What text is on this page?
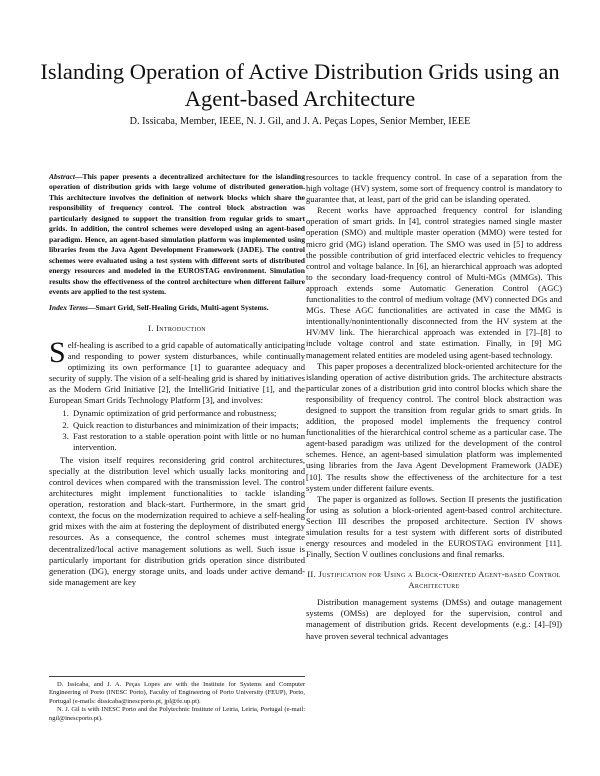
Islanding Operation of Active Distribution Grids using an Agent-based Architecture

D. Issicaba, Member, IEEE, N. J. Gil, and J. A. Peças Lopes, Senior Member, IEEE

Abstract—This paper presents a decentralized architecture for the islanding operation of distribution grids with large volume of distributed generation. This architecture involves the definition of network blocks which share the responsibility of frequency control. The control block abstraction was particularly designed to support the transition from regular grids to smart grids. In addition, the control schemes were developed using an agent-based paradigm. Hence, an agent-based simulation platform was implemented using libraries from the Java Agent Development Framework (JADE). The control schemes were evaluated using a test system with different sorts of distributed energy resources and modeled in the EUROSTAG environment. Simulation results show the effectiveness of the control architecture when different failure events are applied to the test system.

Index Terms—Smart Grid, Self-Healing Grids, Multi-agent Systems.

I. Introduction

Self-healing is ascribed to a grid capable of automatically anticipating and responding to power system disturbances, while continually optimizing its own performance [1] to guarantee adequacy and security of supply. The vision of a self-healing grid is shared by initiatives as the Modern Grid Initiative [2], the IntelliGrid Initiative [1], and the European Smart Grids Technology Platform [3], and involves:

1. Dynamic optimization of grid performance and robustness;
2. Quick reaction to disturbances and minimization of their impacts;
3. Fast restoration to a stable operation point with little or no human intervention.

The vision itself requires reconsidering grid control architectures, specially at the distribution level which usually lacks monitoring and control devices when compared with the transmission level. The control architectures might implement functionalities to tackle islanding operation, restoration and black-start. Furthermore, in the smart grid context, the focus on the modernization required to achieve a self-healing grid mixes with the aim at fostering the deployment of distributed energy resources. As a consequence, the control schemes must integrate decentralized/local active management solutions as well. Such issue is particularly important for distribution grids operation since distributed generation (DG), energy storage units, and loads under active demand-side management are key

D. Issicaba, and J. A. Peças Lopes are with the Institute for Systems and Computer Engineering of Porto (INESC Porto), Faculty of Engineering of Porto University (FEUP), Porto, Portugal (e-mails: dissicaba@inescporto.pt, jpl@fe.up.pt).

N. J. Gil is with INESC Porto and the Polytechnic Institute of Leiria, Leiria, Portugal (e-mail: ngil@inescporto.pt).

resources to tackle frequency control. In case of a separation from the high voltage (HV) system, some sort of frequency control is mandatory to guarantee that, at least, part of the grid can be islanding operated.

Recent works have approached frequency control for islanding operation of smart grids. In [4], control strategies named single master operation (SMO) and multiple master operation (MMO) were tested for micro grid (MG) island operation. The SMO was used in [5] to address the possible contribution of grid interfaced electric vehicles to frequency control and voltage balance. In [6], an hierarchical approach was adopted to the secondary load-frequency control of Multi-MGs (MMGs). This approach extends some Automatic Generation Control (AGC) functionalities to the control of medium voltage (MV) connected DGs and MGs. These AGC functionalities are activated in case the MMG is intentionally/nonintentionally disconnected from the HV system at the HV/MV link. The hierarchical approach was extended in [7]–[8] to include voltage control and state estimation. Finally, in [9] MG management related entities are modeled using agent-based technology.

This paper proposes a decentralized block-oriented architecture for the islanding operation of active distribution grids. The architecture abstracts particular zones of a distribution grid into control blocks which share the responsibility of frequency control. The control block abstraction was designed to support the transition from regular grids to smart grids. In addition, the proposed model implements the frequency control functionalities of the hierarchical control scheme as a particular case. The agent-based paradigm was utilized for the development of the control schemes. Hence, an agent-based simulation platform was implemented using libraries from the Java Agent Development Framework (JADE) [10]. The results show the effectiveness of the architecture for a test system under different failure events.

The paper is organized as follows. Section II presents the justification for using as solution a block-oriented agent-based control architecture. Section III describes the proposed architecture. Section IV shows simulation results for a test system with different sorts of distributed energy resources and modeled in the EUROSTAG environment [11]. Finally, Section V outlines conclusions and final remarks.

II. Justification for Using a Block-Oriented Agent-based Control Architecture

Distribution management systems (DMSs) and outage management systems (OMSs) are deployed for the supervision, control and management of distribution grids. Recent developments (e.g.: [4]–[9]) have proven several technical advantages
